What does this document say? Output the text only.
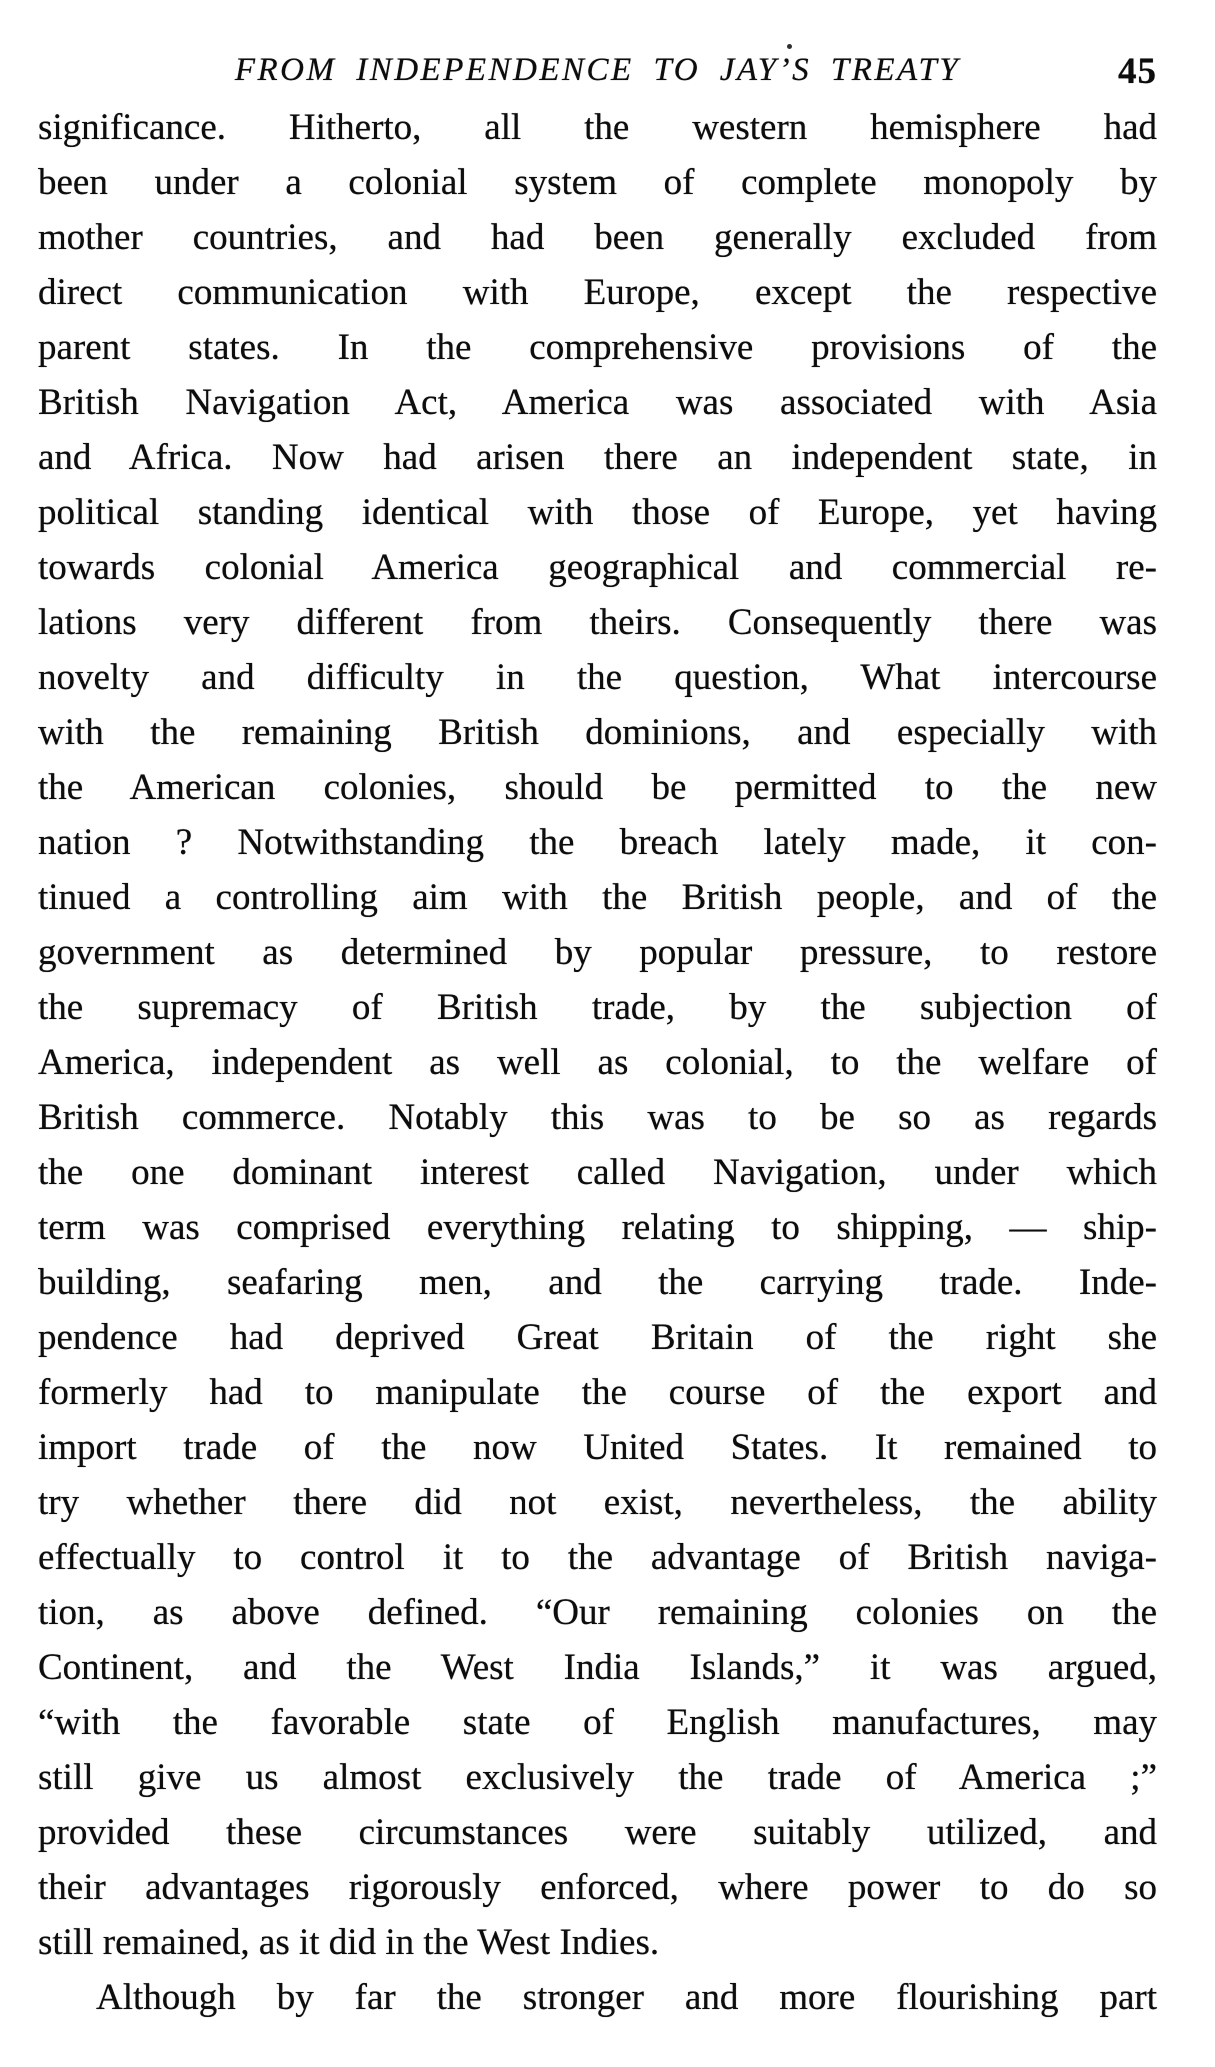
FROM INDEPENDENCE TO JAY’S TREATY	45
significance. Hitherto, all the western hemisphere had
been under a colonial system of complete monopoly by
mother countries, and had been generally excluded from
direct communication with Europe, except the respective
parent states. In the comprehensive provisions of the
British Navigation Act, America was associated with Asia
and Africa. Now had arisen there an independent state, in
political standing identical with those of Europe, yet having
towards colonial America geographical and commercial re-
lations very different from theirs. Consequently there was
novelty and difficulty in the question, What intercourse
with the remaining British dominions, and especially with
the American colonies, should be permitted to the new
nation ? Notwithstanding the breach lately made, it con-
tinued a controlling aim with the British people, and of the
government as determined by popular pressure, to restore
the supremacy of British trade, by the subjection of
America, independent as well as colonial, to the welfare of
British commerce. Notably this was to be so as regards
the one dominant interest called Navigation, under which
term was comprised everything relating to shipping, — ship-
building, seafaring men, and the carrying trade. Inde-
pendence had deprived Great Britain of the right she
formerly had to manipulate the course of the export and
import trade of the now United States. It remained to
try whether there did not exist, nevertheless, the ability
effectually to control it to the advantage of British naviga-
tion, as above defined. “Our remaining colonies on the
Continent, and the West India Islands,” it was argued,
“with the favorable state of English manufactures, may
still give us almost exclusively the trade of America ;”
provided these circumstances were suitably utilized, and
their advantages rigorously enforced, where power to do so
still remained, as it did in the West Indies.
Although by far the stronger and more flourishing part
